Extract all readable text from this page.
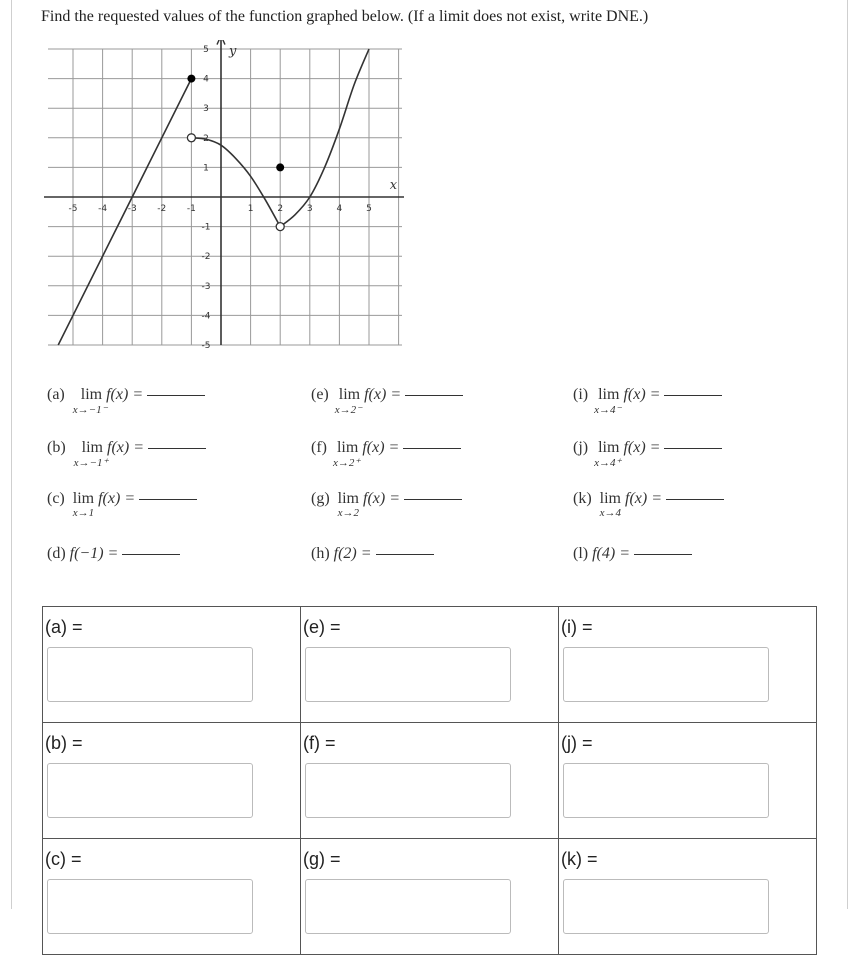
Find the requested values of the function graphed below. (If a limit does not exist, write DNE.)
x
y
-5 -4 -3 -2 -1	1	2	3	4	5
5
4
3
2
1
-1
-2
-3
-4
-5
(a) lim
x→−1⁻
f(x) =
(b) lim
x→−1⁺
f(x) =
(c) lim
x→1
f(x) =
(d) f(−1) =
(e) lim
x→2⁻
f(x) =
(f) lim
x→2⁺
f(x) =
(g) lim
x→2
f(x) =
(h) f(2) =
(i) lim
x→4⁻
f(x) =
(j) lim
x→4⁺
f(x) =
(k) lim
x→4
f(x) =
(l) f(4) =
(a) =	(e) =	(i) =

(b) =	(f) =	(j) =

(c) =	(g) =	(k) =
